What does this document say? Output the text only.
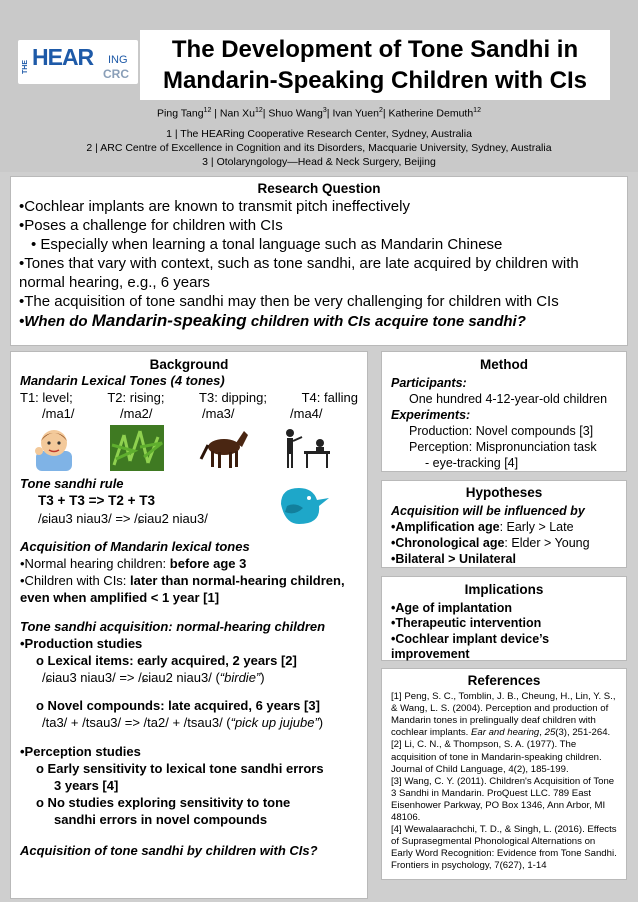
THE HEAR ING
CRC
The Development of Tone Sandhi in
Mandarin-Speaking Children with CIs
Ping Tang$^{12}$ | Nan Xu$^{12}$| Shuo Wang$^3$| Ivan Yuen$^2$| Katherine Demuth$^{12}$
1 | The HEARing Cooperative Research Center, Sydney, Australia
2 | ARC Centre of Excellence in Cognition and its Disorders, Macquarie University, Sydney, Australia
3 | Otolaryngology—Head & Neck Surgery, Beijing
Research Question

•Cochlear implants are known to transmit pitch ineffectively

•Poses a challenge for children with CIs

• Especially when learning a tonal language such as Mandarin Chinese

•Tones that vary with context, such as tone sandhi, are late acquired by children with normal hearing, e.g., 6 years

•The acquisition of tone sandhi may then be very challenging for children with CIs

•When do Mandarin-speaking children with CIs acquire tone sandhi?

Background
Mandarin Lexical Tones (4 tones)
T1: level;	T2: rising;	T3: dipping;	T4: falling
/ma1/	/ma2/	/ma3/	/ma4/
Tone sandhi rule
T3 + T3 => T2 + T3
/ɕiau3 niau3/ => /ɕiau2 niau3/
Acquisition of Mandarin lexical tones
•Normal hearing children: before age 3
•Children with CIs: later than normal-hearing children, even when amplified < 1 year [1]
Tone sandhi acquisition: normal-hearing children
•Production studies
o Lexical items: early acquired, 2 years [2]
/ɕiau3 niau3/ => /ɕiau2 niau3/ (“birdie”)
o Novel compounds: late acquired, 6 years [3]
/ta3/ + /tsau3/ => /ta2/ + /tsau3/ (“pick up jujube”)
•Perception studies
o Early sensitivity to lexical tone sandhi errors
3 years [4]
o No studies exploring sensitivity to tone
sandhi errors in novel compounds
Acquisition of tone sandhi by children with CIs?
Method
Participants:
One hundred 4-12-year-old children
Experiments:
Production: Novel compounds [3]
Perception: Mispronunciation task
- eye-tracking [4]
Hypotheses
Acquisition will be influenced by
•Amplification age: Early > Late
•Chronological age: Elder > Young
•Bilateral > Unilateral
Implications
•Age of implantation
•Therapeutic intervention
•Cochlear implant device’s improvement
References
[1] Peng, S. C., Tomblin, J. B., Cheung, H., Lin, Y. S., & Wang, L. S. (2004). Perception and production of Mandarin tones in prelingually deaf children with cochlear implants. Ear and hearing, 25(3), 251-264.
[2] Li, C. N., & Thompson, S. A. (1977). The acquisition of tone in Mandarin-speaking children. Journal of Child Language, 4(2), 185-199.
[3] Wang, C. Y. (2011). Children's Acquisition of Tone 3 Sandhi in Mandarin. ProQuest LLC. 789 East Eisenhower Parkway, PO Box 1346, Ann Arbor, MI 48106.
[4] Wewalaarachchi, T. D., & Singh, L. (2016). Effects of Suprasegmental Phonological Alternations on Early Word Recognition: Evidence from Tone Sandhi. Frontiers in psychology, 7(627), 1-14
